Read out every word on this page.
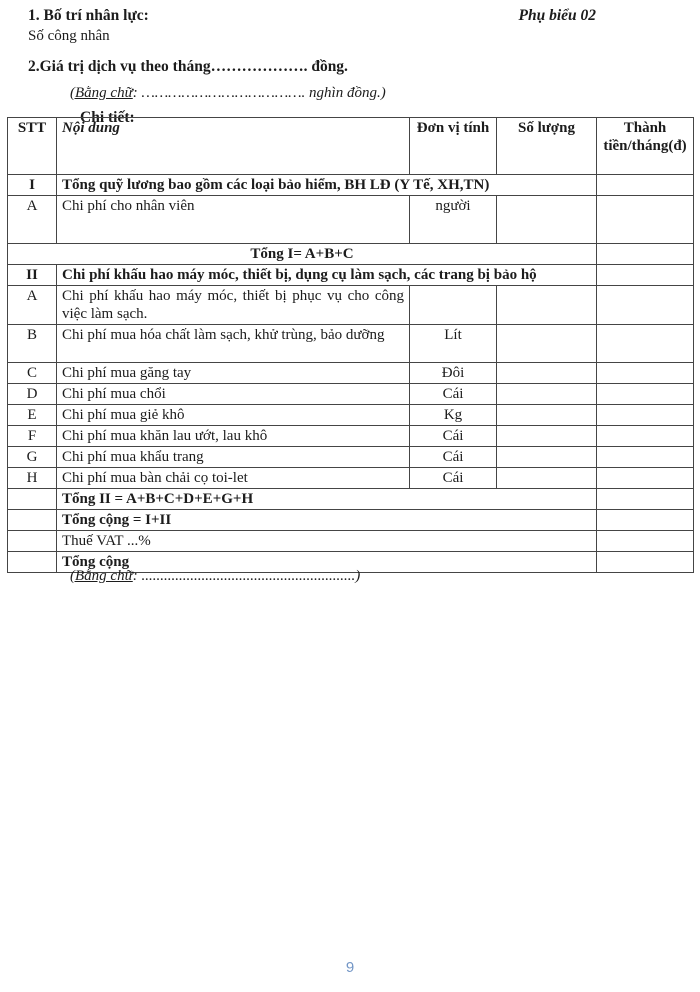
1. Bố trí nhân lực:	Phụ biểu 02
Số công nhân
2.Giá trị dịch vụ theo tháng………………. đồng.
(Bằng chữ: ………………………………. nghìn đồng.)
Chi tiết:
STT	Nội dung	Đơn vị tính	Số lượng	Thành tiền/tháng(đ)
I	Tổng quỹ lương bao gồm các loại bảo hiểm, BH LĐ (Y Tế, XH,TN)			
A	Chi phí cho nhân viên	người		
Tổng I= A+B+C				
II	Chi phí khấu hao máy móc, thiết bị, dụng cụ làm sạch, các trang bị bảo hộ			
A	Chi phí khấu hao máy móc, thiết bị phục vụ cho công việc làm sạch.			
B	Chi phí mua hóa chất làm sạch, khử trùng, bảo dưỡng	Lít		
C	Chi phí mua găng tay	Đôi		
D	Chi phí mua chổi	Cái		
E	Chi phí mua giẻ khô	Kg		
F	Chi phí mua khăn lau ướt, lau khô	Cái		
G	Chi phí mua khẩu trang	Cái		
H	Chi phí mua bàn chải cọ toi-let	Cái		
	Tổng II = A+B+C+D+E+G+H			
	Tổng cộng = I+II			
	Thuế VAT ...%			
	Tổng cộng			
(Bằng chữ: .........................................................)
9
